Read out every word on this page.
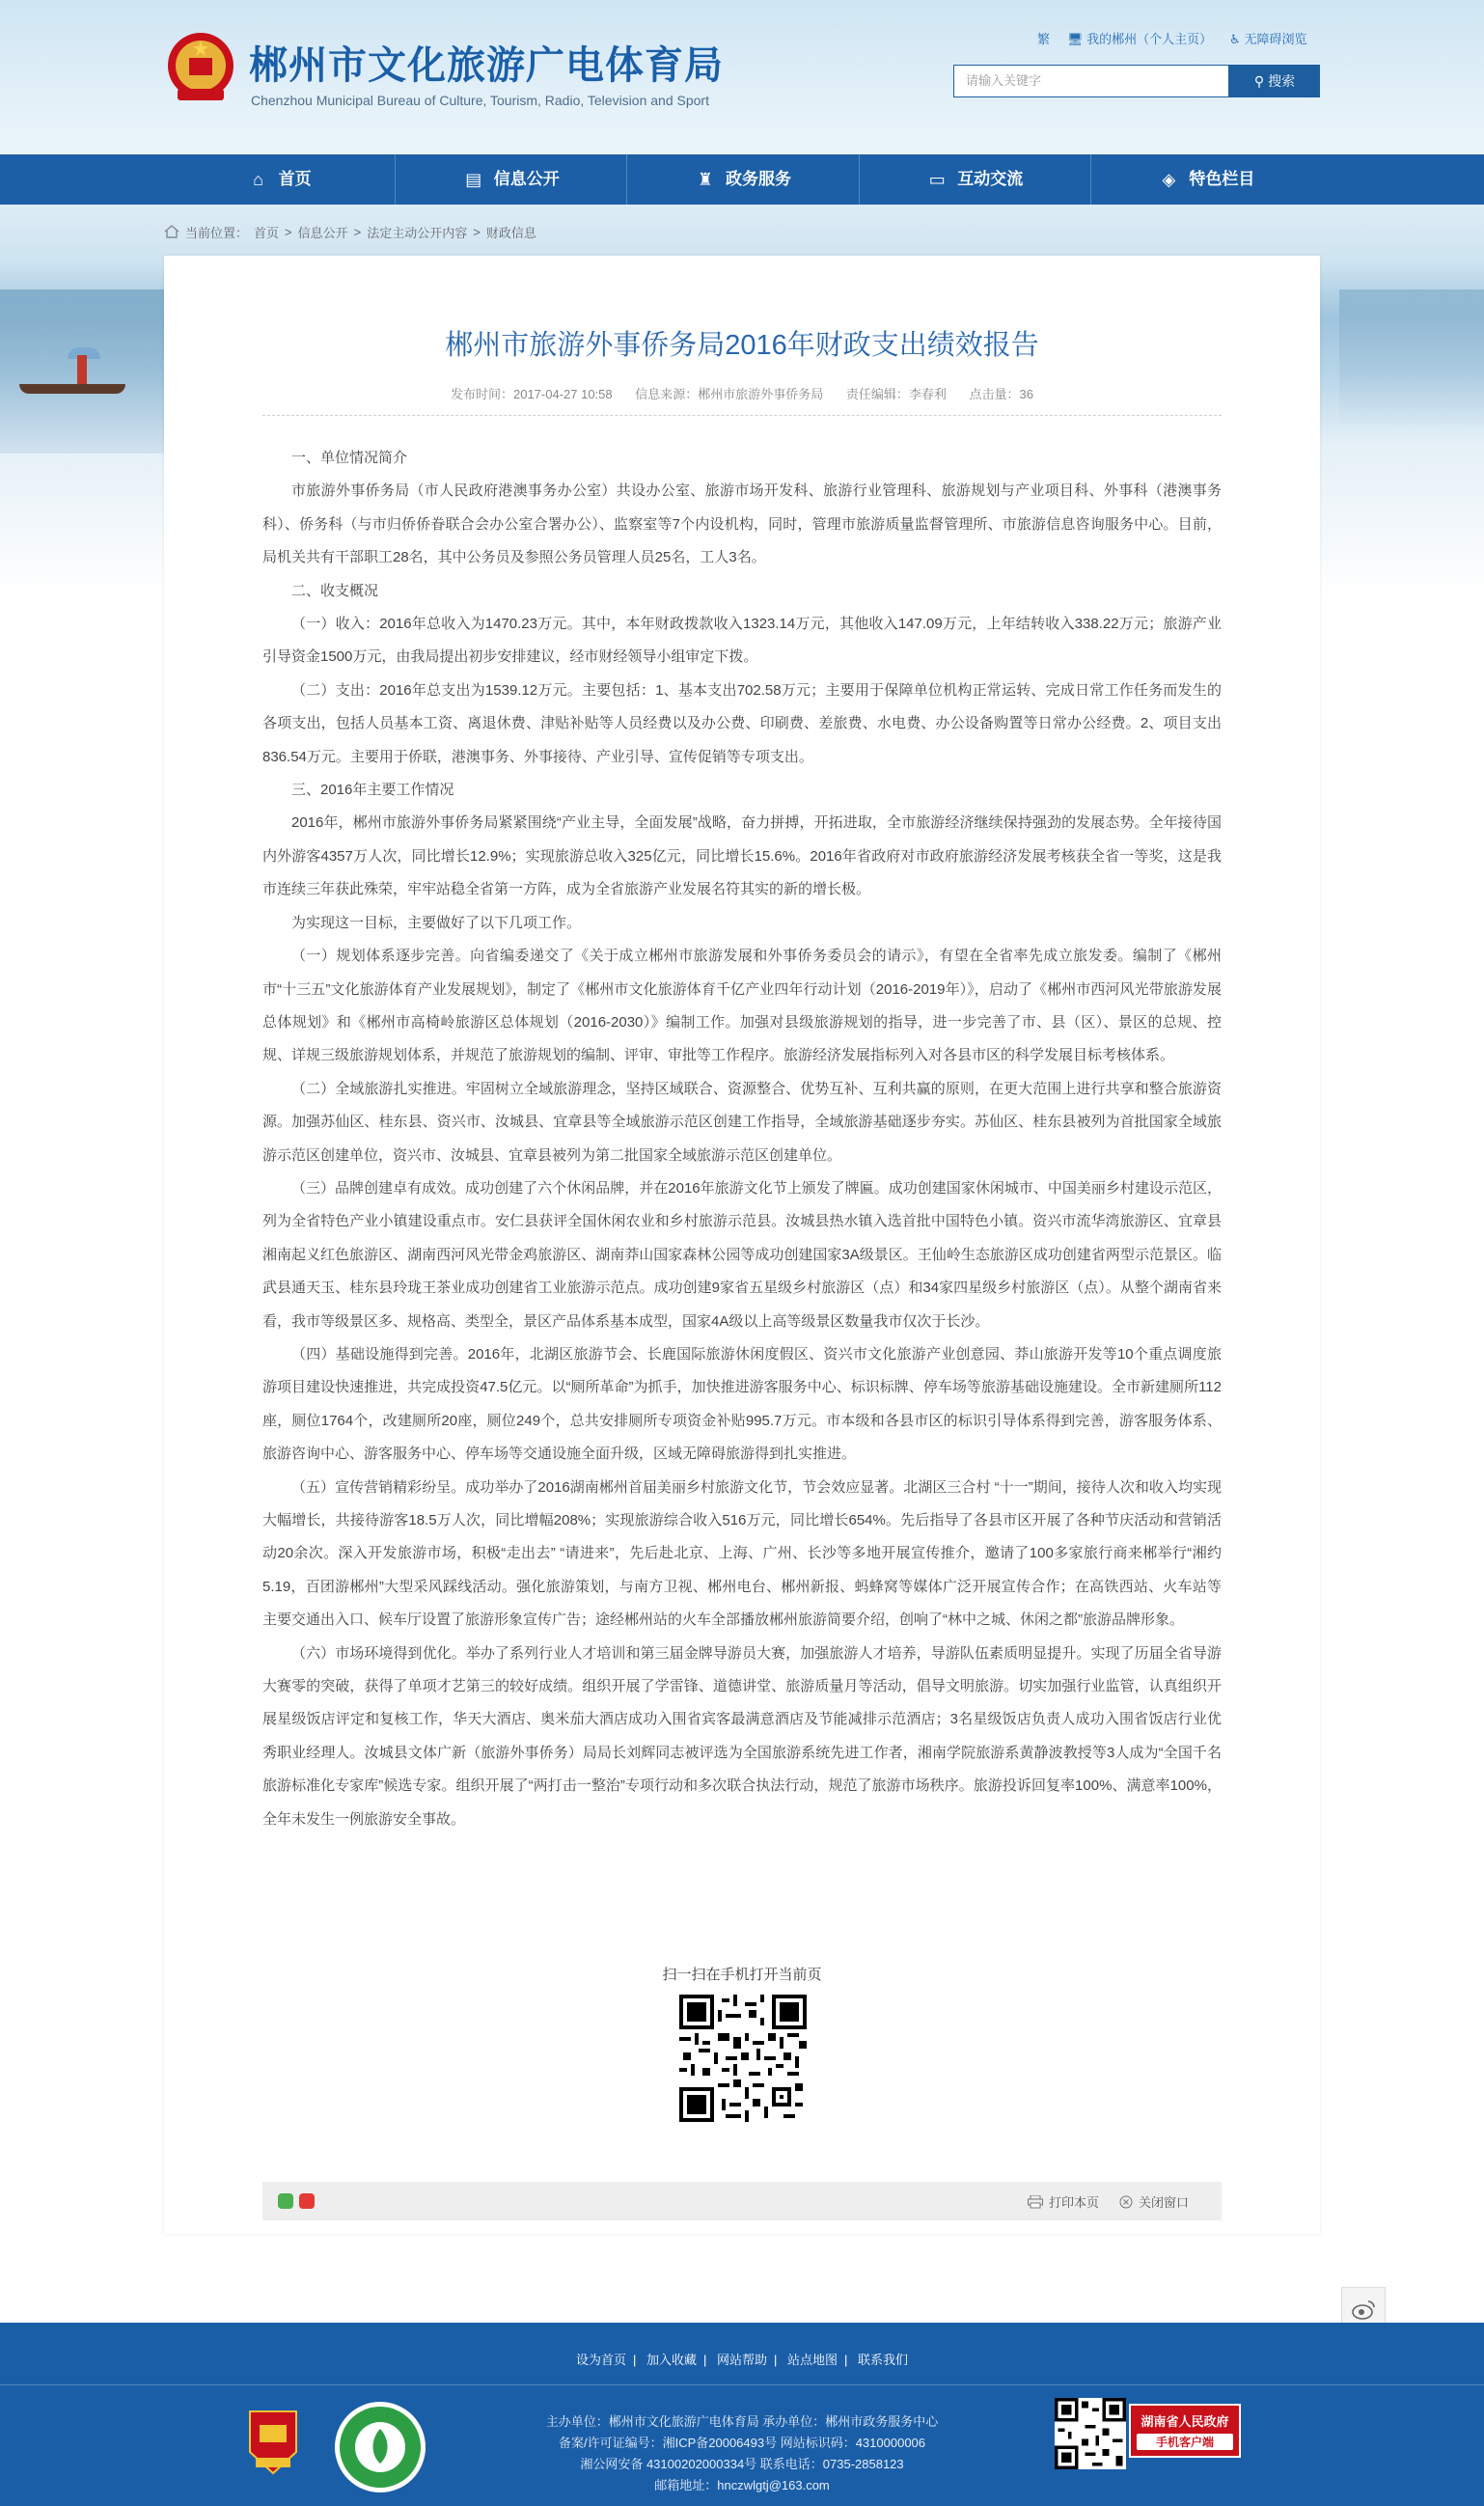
郴州市文化旅游广电体育局
Chenzhou Municipal Bureau of Culture, Tourism, Radio, Television and Sport
繁 🖥 我的郴州（个人主页） ♿ 无障碍浏览
请输入关键字	⚲ 搜索
⌂ 首页	▤ 信息公开	♜ 政务服务	▭ 互动交流	◈ 特色栏目
当前位置： 首页 > 信息公开 > 法定主动公开内容 > 财政信息
郴州市旅游外事侨务局2016年财政支出绩效报告
发布时间：2017-04-27 10:58 信息来源：郴州市旅游外事侨务局 责任编辑：李春利 点击量：36

一、单位情况简介

市旅游外事侨务局（市人民政府港澳事务办公室）共设办公室、旅游市场开发科、旅游行业管理科、旅游规划与产业项目科、外事科（港澳事务科）、侨务科（与市归侨侨眷联合会办公室合署办公）、监察室等7个内设机构，同时，管理市旅游质量监督管理所、市旅游信息咨询服务中心。目前，局机关共有干部职工28名，其中公务员及参照公务员管理人员25名，工人3名。

二、收支概况

（一）收入：2016年总收入为1470.23万元。其中，本年财政拨款收入1323.14万元，其他收入147.09万元，上年结转收入338.22万元；旅游产业引导资金1500万元，由我局提出初步安排建议，经市财经领导小组审定下拨。

（二）支出：2016年总支出为1539.12万元。主要包括：1、基本支出702.58万元；主要用于保障单位机构正常运转、完成日常工作任务而发生的各项支出，包括人员基本工资、离退休费、津贴补贴等人员经费以及办公费、印刷费、差旅费、水电费、办公设备购置等日常办公经费。2、项目支出836.54万元。主要用于侨联，港澳事务、外事接待、产业引导、宣传促销等专项支出。

三、2016年主要工作情况

2016年，郴州市旅游外事侨务局紧紧围绕“产业主导，全面发展”战略，奋力拼搏，开拓进取，全市旅游经济继续保持强劲的发展态势。全年接待国内外游客4357万人次，同比增长12.9%；实现旅游总收入325亿元，同比增长15.6%。2016年省政府对市政府旅游经济发展考核获全省一等奖，这是我市连续三年获此殊荣，牢牢站稳全省第一方阵，成为全省旅游产业发展名符其实的新的增长极。

为实现这一目标，主要做好了以下几项工作。

（一）规划体系逐步完善。向省编委递交了《关于成立郴州市旅游发展和外事侨务委员会的请示》，有望在全省率先成立旅发委。编制了《郴州市“十三五”文化旅游体育产业发展规划》，制定了《郴州市文化旅游体育千亿产业四年行动计划（2016-2019年）》，启动了《郴州市西河风光带旅游发展总体规划》和《郴州市高椅岭旅游区总体规划（2016-2030）》编制工作。加强对县级旅游规划的指导，进一步完善了市、县（区）、景区的总规、控规、详规三级旅游规划体系，并规范了旅游规划的编制、评审、审批等工作程序。旅游经济发展指标列入对各县市区的科学发展目标考核体系。

（二）全域旅游扎实推进。牢固树立全域旅游理念，坚持区域联合、资源整合、优势互补、互利共赢的原则，在更大范围上进行共享和整合旅游资源。加强苏仙区、桂东县、资兴市、汝城县、宜章县等全域旅游示范区创建工作指导，全域旅游基础逐步夯实。苏仙区、桂东县被列为首批国家全域旅游示范区创建单位，资兴市、汝城县、宜章县被列为第二批国家全域旅游示范区创建单位。

（三）品牌创建卓有成效。成功创建了六个休闲品牌，并在2016年旅游文化节上颁发了牌匾。成功创建国家休闲城市、中国美丽乡村建设示范区，列为全省特色产业小镇建设重点市。安仁县获评全国休闲农业和乡村旅游示范县。汝城县热水镇入选首批中国特色小镇。资兴市流华湾旅游区、宜章县湘南起义红色旅游区、湖南西河风光带金鸡旅游区、湖南莽山国家森林公园等成功创建国家3A级景区。王仙岭生态旅游区成功创建省两型示范景区。临武县通天玉、桂东县玲珑王茶业成功创建省工业旅游示范点。成功创建9家省五星级乡村旅游区（点）和34家四星级乡村旅游区（点）。从整个湖南省来看，我市等级景区多、规格高、类型全，景区产品体系基本成型，国家4A级以上高等级景区数量我市仅次于长沙。

（四）基础设施得到完善。2016年，北湖区旅游节会、长鹿国际旅游休闲度假区、资兴市文化旅游产业创意园、莽山旅游开发等10个重点调度旅游项目建设快速推进，共完成投资47.5亿元。以“厕所革命”为抓手，加快推进游客服务中心、标识标牌、停车场等旅游基础设施建设。全市新建厕所112座，厕位1764个，改建厕所20座，厕位249个，总共安排厕所专项资金补贴995.7万元。市本级和各县市区的标识引导体系得到完善，游客服务体系、旅游咨询中心、游客服务中心、停车场等交通设施全面升级，区域无障碍旅游得到扎实推进。

（五）宣传营销精彩纷呈。成功举办了2016湖南郴州首届美丽乡村旅游文化节，节会效应显著。北湖区三合村 “十一”期间，接待人次和收入均实现大幅增长，共接待游客18.5万人次，同比增幅208%；实现旅游综合收入516万元，同比增长654%。先后指导了各县市区开展了各种节庆活动和营销活动20余次。深入开发旅游市场，积极“走出去” “请进来”，先后赴北京、上海、广州、长沙等多地开展宣传推介，邀请了100多家旅行商来郴举行“湘约5.19，百团游郴州”大型采风踩线活动。强化旅游策划，与南方卫视、郴州电台、郴州新报、蚂蜂窝等媒体广泛开展宣传合作；在高铁西站、火车站等主要交通出入口、候车厅设置了旅游形象宣传广告；途经郴州站的火车全部播放郴州旅游简要介绍，创响了“林中之城、休闲之都”旅游品牌形象。

（六）市场环境得到优化。举办了系列行业人才培训和第三届金牌导游员大赛，加强旅游人才培养，导游队伍素质明显提升。实现了历届全省导游大赛零的突破，获得了单项才艺第三的较好成绩。组织开展了学雷锋、道德讲堂、旅游质量月等活动，倡导文明旅游。切实加强行业监管，认真组织开展星级饭店评定和复核工作，华天大酒店、奥米茄大酒店成功入围省宾客最满意酒店及节能减排示范酒店；3名星级饭店负责人成功入围省饭店行业优秀职业经理人。汝城县文体广新（旅游外事侨务）局局长刘辉同志被评选为全国旅游系统先进工作者，湘南学院旅游系黄静波教授等3人成为“全国千名旅游标准化专家库”候选专家。组织开展了“两打击一整治”专项行动和多次联合执法行动，规范了旅游市场秩序。旅游投诉回复率100%、满意率100%，全年未发生一例旅游安全事故。

扫一扫在手机打开当前页
打印本页	关闭窗口
设为首页 | 加入收藏 | 网站帮助 | 站点地图 | 联系我们
主办单位：郴州市文化旅游广电体育局 承办单位：郴州市政务服务中心
备案/许可证编号：湘ICP备20006493号 网站标识码：4310000006
湘公网安备 43100202000334号 联系电话：0735-2858123
邮箱地址：hnczwlgtj@163.com
湖南省人民政府
手机客户端
